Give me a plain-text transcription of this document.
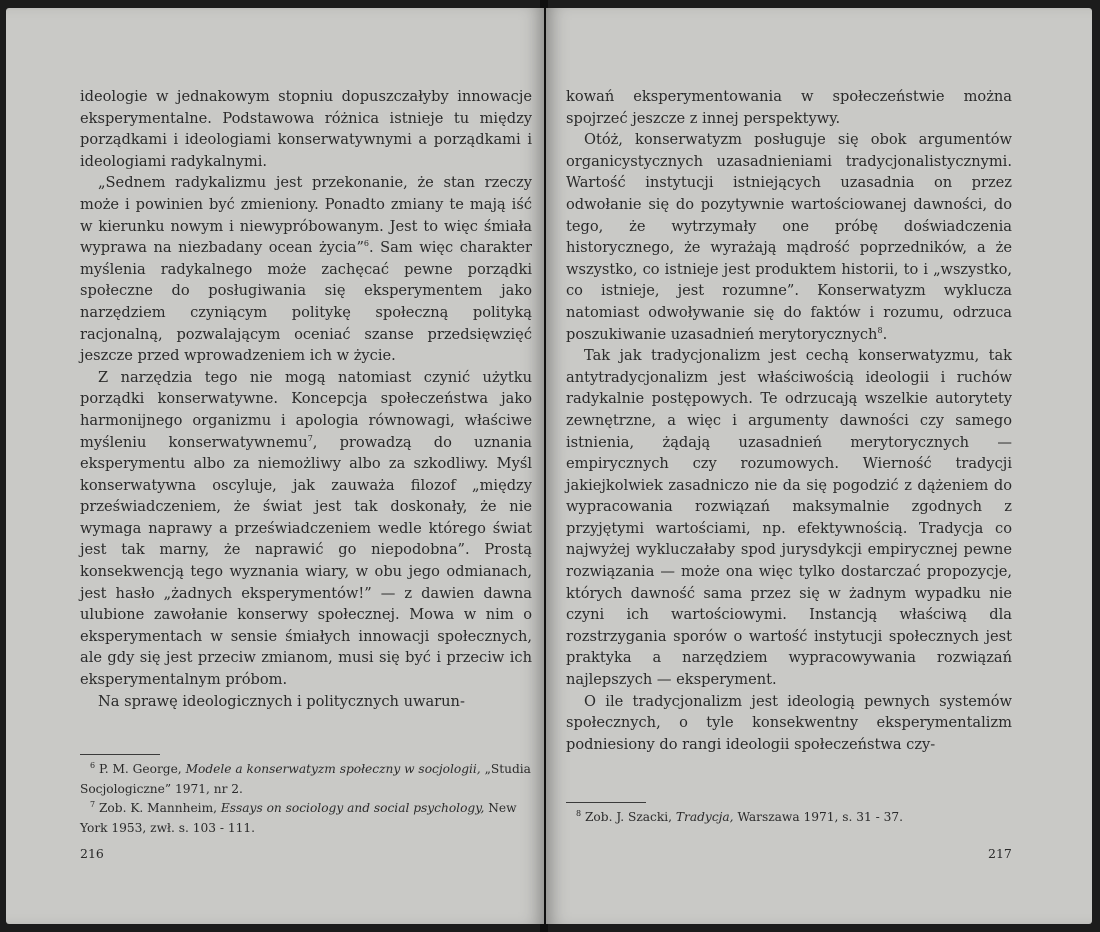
ideologie w jednakowym stopniu dopuszczałyby innowacje eksperymentalne. Podstawowa różnica istnieje tu między porządkami i ideologiami konserwatywnymi a porządkami i ideologiami radykalnymi.

„Sednem radykalizmu jest przekonanie, że stan rzeczy może i powinien być zmieniony. Ponadto zmiany te mają iść w kierunku nowym i niewypróbowanym. Jest to więc śmiała wyprawa na niezbadany ocean życia”$^6$. Sam więc charakter myślenia radykalnego może zachęcać pewne porządki społeczne do posługiwania się eksperymentem jako narzędziem czyniącym politykę społeczną polityką racjonalną, pozwalającym oceniać szanse przedsięwzięć jeszcze przed wprowadzeniem ich w życie.

Z narzędzia tego nie mogą natomiast czynić użytku porządki konserwatywne. Koncepcja społeczeństwa jako harmonijnego organizmu i apologia równowagi, właściwe myśleniu konserwatywnemu$^7$, prowadzą do uznania eksperymentu albo za niemożliwy albo za szkodliwy. Myśl konserwatywna oscyluje, jak zauważa filozof „między przeświadczeniem, że świat jest tak doskonały, że nie wymaga naprawy a przeświadczeniem wedle którego świat jest tak marny, że naprawić go niepodobna”. Prostą konsekwencją tego wyznania wiary, w obu jego odmianach, jest hasło „żadnych eksperymentów!” — z dawien dawna ulubione zawołanie konserwy społecznej. Mowa w nim o eksperymentach w sensie śmiałych innowacji społecznych, ale gdy się jest przeciw zmianom, musi się być i przeciw ich eksperymentalnym próbom.

Na sprawę ideologicznych i politycznych uwarun-

$^6$ P. M. George, Modele a konserwatyzm społeczny w socjologii, „Studia Socjologiczne” 1971, nr 2.

$^7$ Zob. K. Mannheim, Essays on sociology and social psychology, New York 1953, zwł. s. 103 - 111.

216

kowań eksperymentowania w społeczeństwie można spojrzeć jeszcze z innej perspektywy.

Otóż, konserwatyzm posługuje się obok argumentów organicystycznych uzasadnieniami tradycjonalistycznymi. Wartość instytucji istniejących uzasadnia on przez odwołanie się do pozytywnie wartościowanej dawności, do tego, że wytrzymały one próbę doświadczenia historycznego, że wyrażają mądrość poprzedników, a że wszystko, co istnieje jest produktem historii, to i „wszystko, co istnieje, jest rozumne”. Konserwatyzm wyklucza natomiast odwoływanie się do faktów i rozumu, odrzuca poszukiwanie uzasadnień merytorycznych$^8$.

Tak jak tradycjonalizm jest cechą konserwatyzmu, tak antytradycjonalizm jest właściwością ideologii i ruchów radykalnie postępowych. Te odrzucają wszelkie autorytety zewnętrzne, a więc i argumenty dawności czy samego istnienia, żądają uzasadnień merytorycznych — empirycznych czy rozumowych. Wierność tradycji jakiejkolwiek zasadniczo nie da się pogodzić z dążeniem do wypracowania rozwiązań maksymalnie zgodnych z przyjętymi wartościami, np. efektywnością. Tradycja co najwyżej wykluczałaby spod jurysdykcji empirycznej pewne rozwiązania — może ona więc tylko dostarczać propozycje, których dawność sama przez się w żadnym wypadku nie czyni ich wartościowymi. Instancją właściwą dla rozstrzygania sporów o wartość instytucji społecznych jest praktyka a narzędziem wypracowywania rozwiązań najlepszych — eksperyment.

O ile tradycjonalizm jest ideologią pewnych systemów społecznych, o tyle konsekwentny eksperymentalizm podniesiony do rangi ideologii społeczeństwa czy-

$^8$ Zob. J. Szacki, Tradycja, Warszawa 1971, s. 31 - 37.

217
